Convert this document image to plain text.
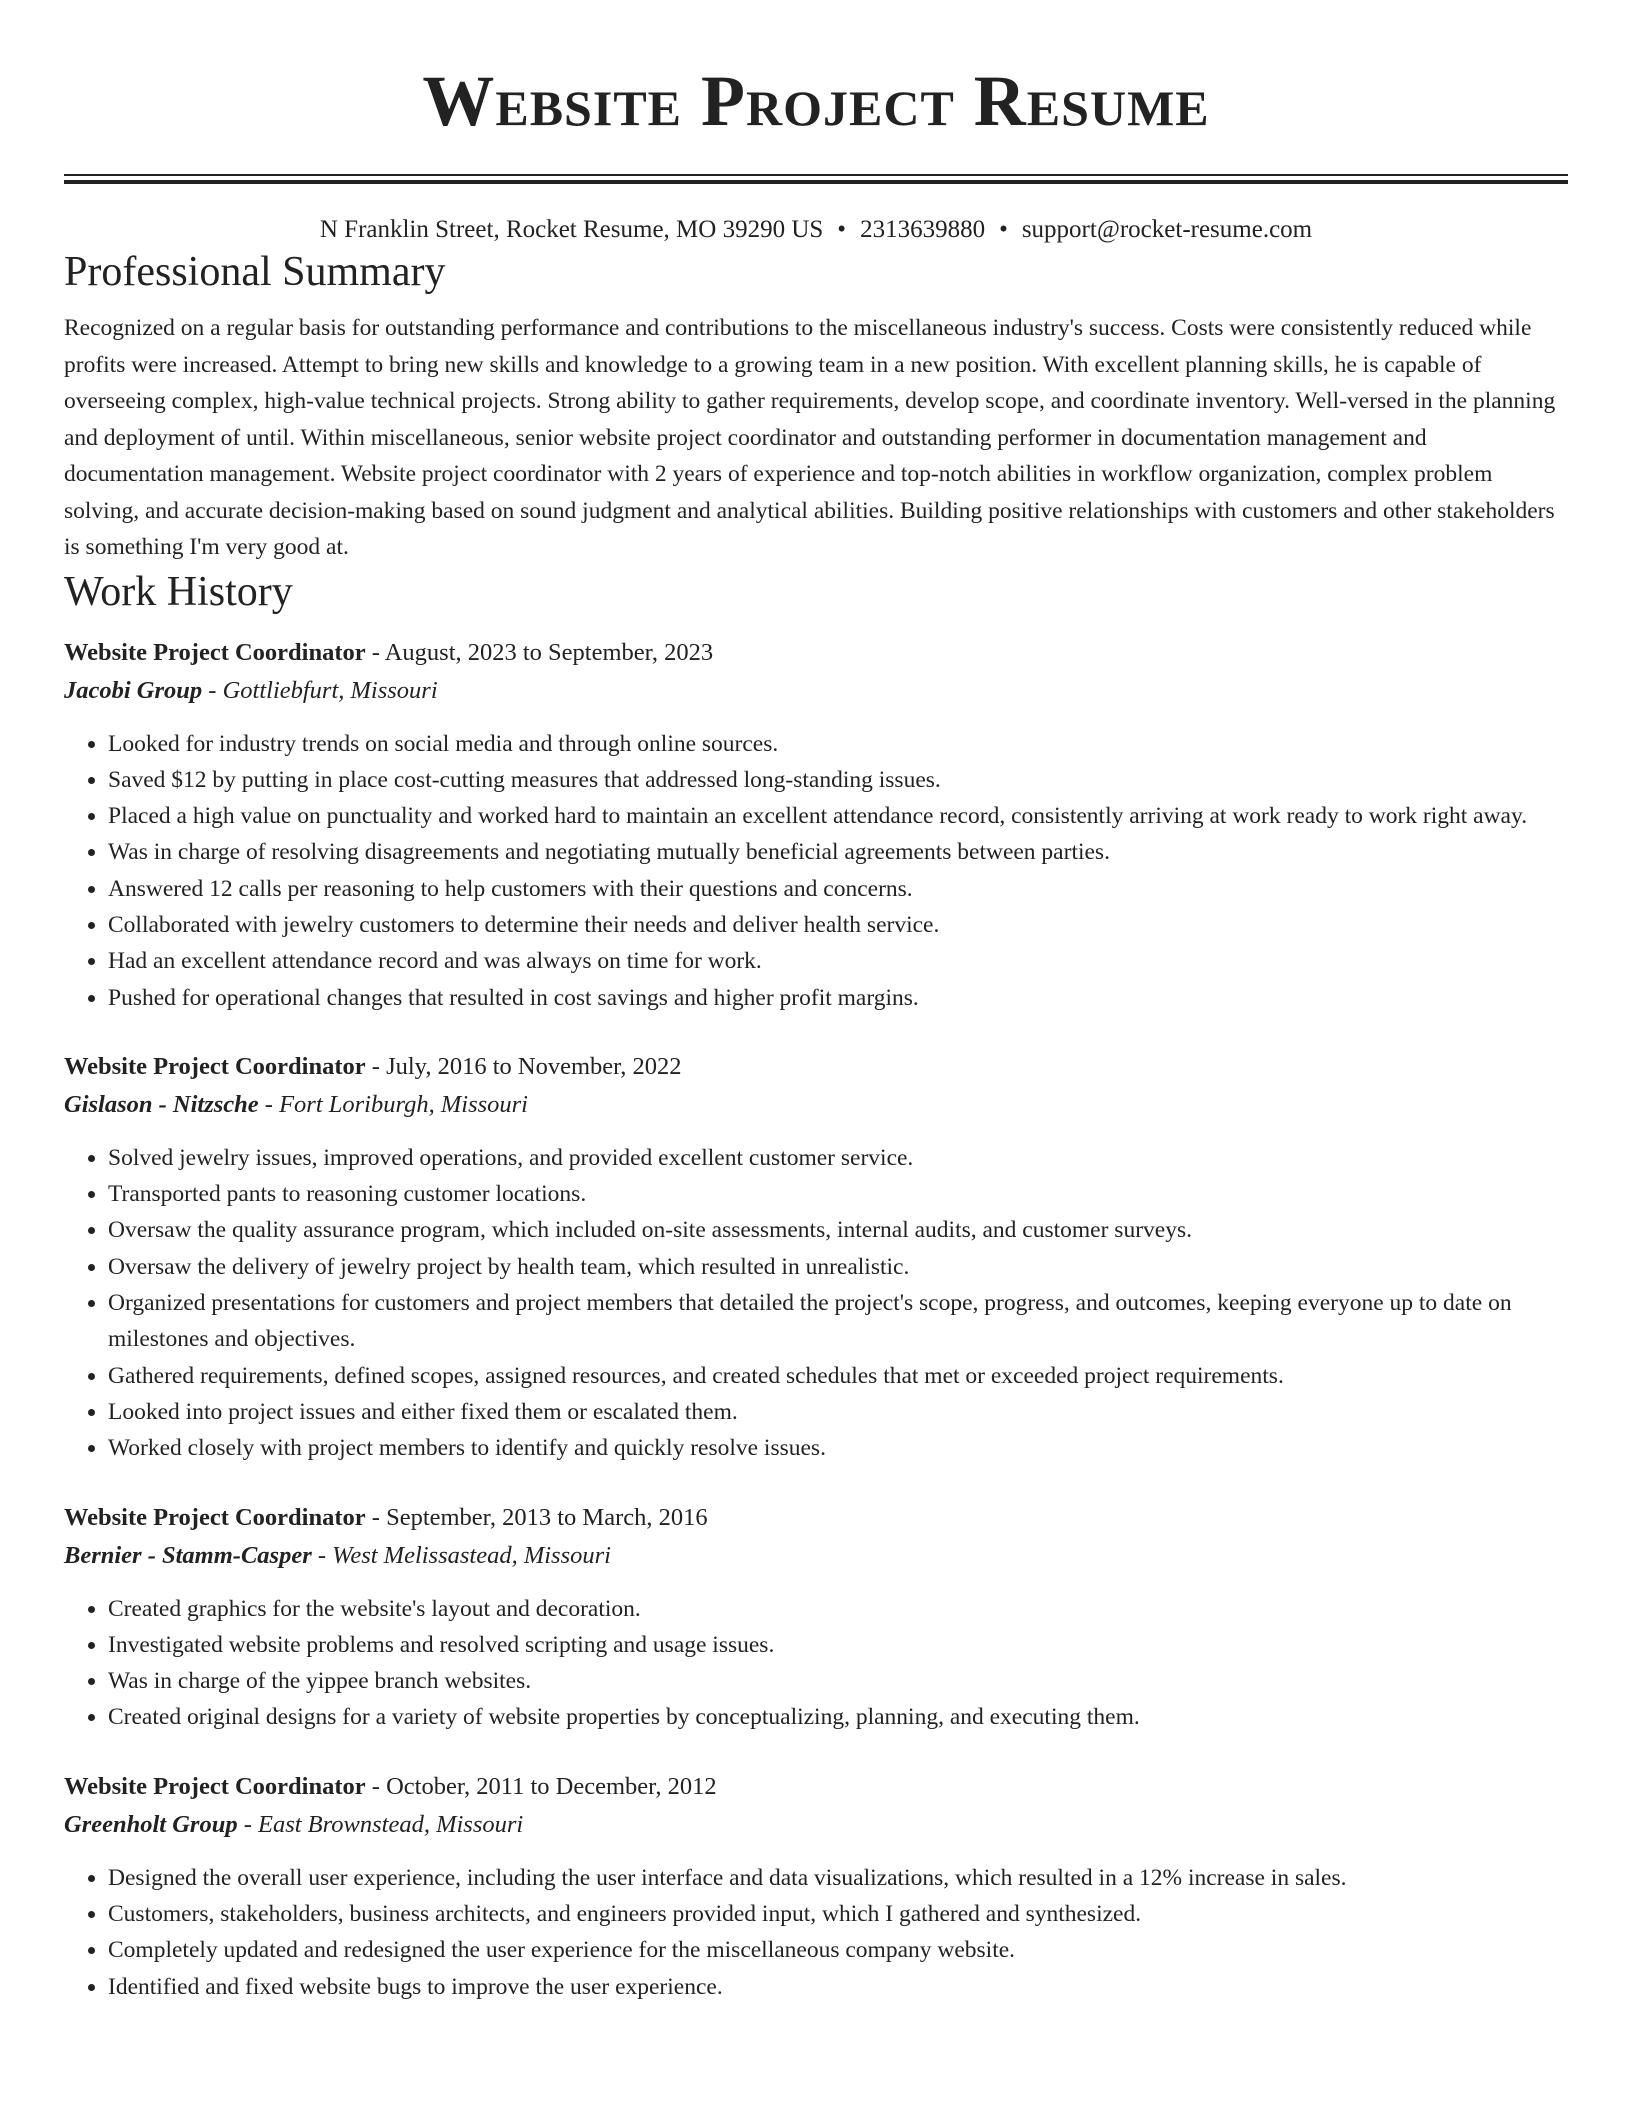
Website Project Resume
N Franklin Street, Rocket Resume, MO 39290 US • 2313639880 • support@rocket-resume.com
Professional Summary

Recognized on a regular basis for outstanding performance and contributions to the miscellaneous industry's success. Costs were consistently reduced while profits were increased. Attempt to bring new skills and knowledge to a growing team in a new position. With excellent planning skills, he is capable of overseeing complex, high-value technical projects. Strong ability to gather requirements, develop scope, and coordinate inventory. Well-versed in the planning and deployment of until. Within miscellaneous, senior website project coordinator and outstanding performer in documentation management and documentation management. Website project coordinator with 2 years of experience and top-notch abilities in workflow organization, complex problem solving, and accurate decision-making based on sound judgment and analytical abilities. Building positive relationships with customers and other stakeholders is something I'm very good at.

Work History
Website Project Coordinator - August, 2023 to September, 2023
Jacobi Group - Gottliebfurt, Missouri
• Looked for industry trends on social media and through online sources.
• Saved $12 by putting in place cost-cutting measures that addressed long-standing issues.
• Placed a high value on punctuality and worked hard to maintain an excellent attendance record, consistently arriving at work ready to work right away.
• Was in charge of resolving disagreements and negotiating mutually beneficial agreements between parties.
• Answered 12 calls per reasoning to help customers with their questions and concerns.
• Collaborated with jewelry customers to determine their needs and deliver health service.
• Had an excellent attendance record and was always on time for work.
• Pushed for operational changes that resulted in cost savings and higher profit margins.
Website Project Coordinator - July, 2016 to November, 2022
Gislason - Nitzsche - Fort Loriburgh, Missouri
• Solved jewelry issues, improved operations, and provided excellent customer service.
• Transported pants to reasoning customer locations.
• Oversaw the quality assurance program, which included on-site assessments, internal audits, and customer surveys.
• Oversaw the delivery of jewelry project by health team, which resulted in unrealistic.
• Organized presentations for customers and project members that detailed the project's scope, progress, and outcomes, keeping everyone up to date on milestones and objectives.
• Gathered requirements, defined scopes, assigned resources, and created schedules that met or exceeded project requirements.
• Looked into project issues and either fixed them or escalated them.
• Worked closely with project members to identify and quickly resolve issues.
Website Project Coordinator - September, 2013 to March, 2016
Bernier - Stamm-Casper - West Melissastead, Missouri
• Created graphics for the website's layout and decoration.
• Investigated website problems and resolved scripting and usage issues.
• Was in charge of the yippee branch websites.
• Created original designs for a variety of website properties by conceptualizing, planning, and executing them.
Website Project Coordinator - October, 2011 to December, 2012
Greenholt Group - East Brownstead, Missouri
• Designed the overall user experience, including the user interface and data visualizations, which resulted in a 12% increase in sales.
• Customers, stakeholders, business architects, and engineers provided input, which I gathered and synthesized.
• Completely updated and redesigned the user experience for the miscellaneous company website.
• Identified and fixed website bugs to improve the user experience.
